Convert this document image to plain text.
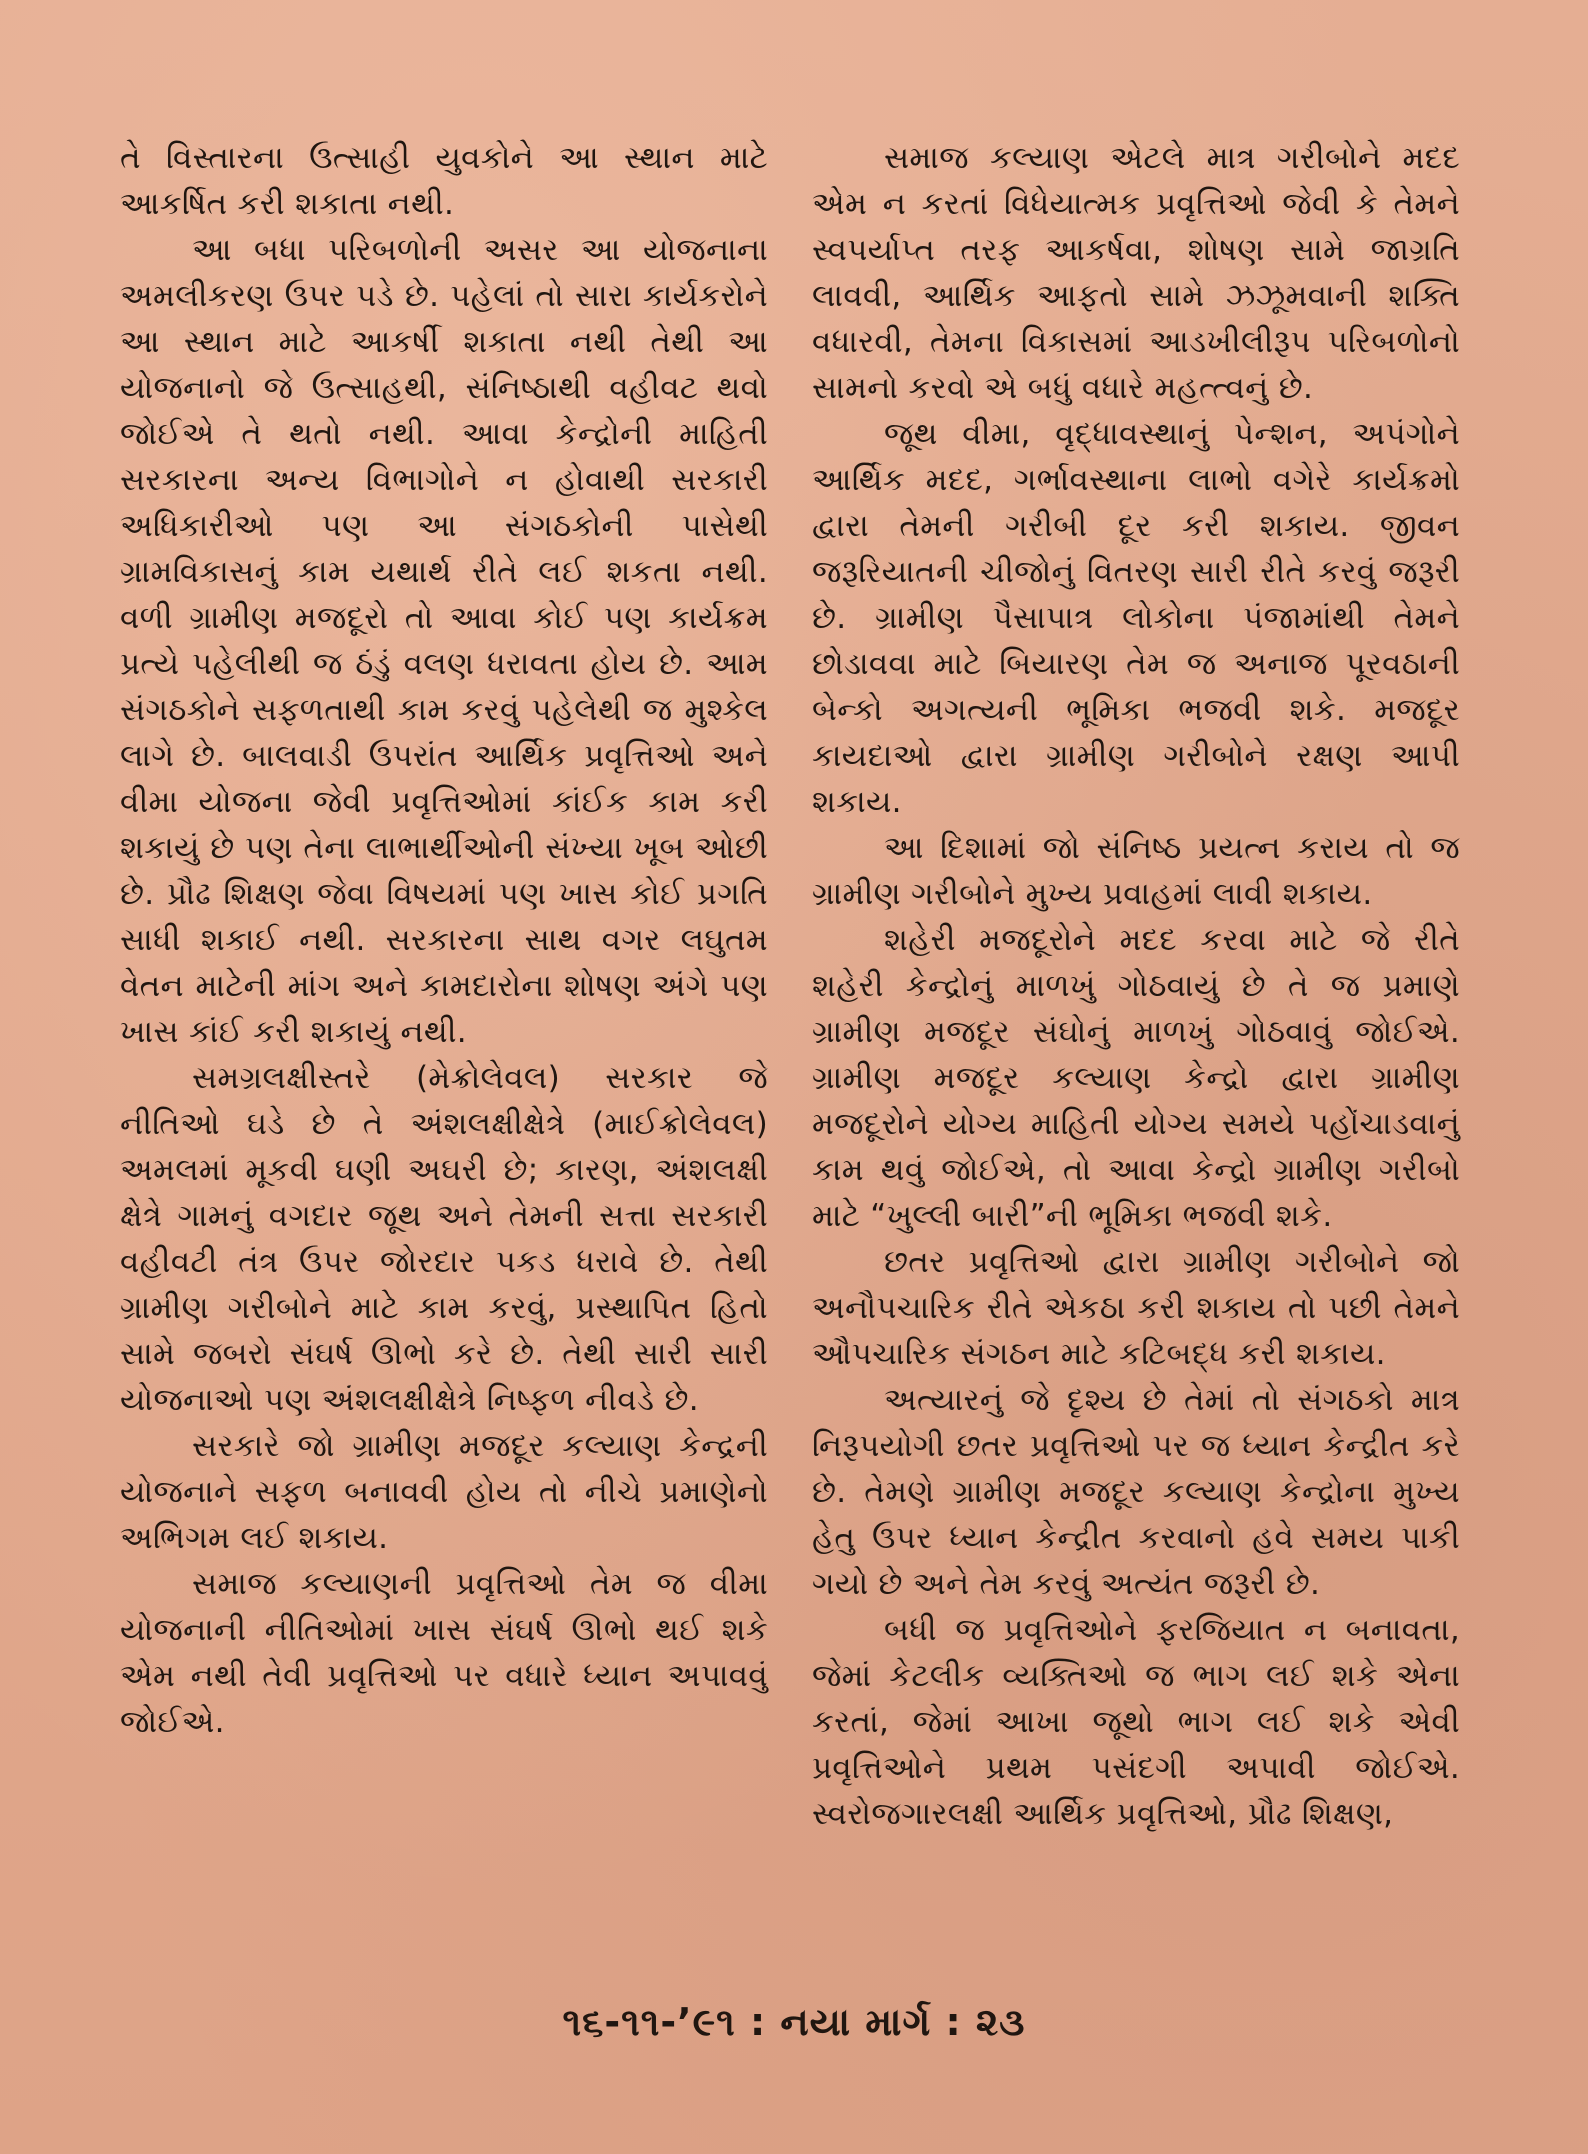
તે વિસ્તારના ઉત્સાહી યુવકોને આ સ્થાન માટે આકર્ષિત કરી શકાતા નથી.

આ બધા પરિબળોની અસર આ યોજનાના અમલીકરણ ઉપર પડે છે. પહેલાં તો સારા કાર્યકરોને આ સ્થાન માટે આકર્ષી શકાતા નથી તેથી આ યોજનાનો જે ઉત્સાહથી, સંનિષ્ઠાથી વહીવટ થવો જોઈએ તે થતો નથી. આવા કેન્દ્રોની માહિતી સરકારના અન્ય વિભાગોને ન હોવાથી સરકારી અધિકારીઓ પણ આ સંગઠકોની પાસેથી ગ્રામવિકાસનું કામ યથાર્થ રીતે લઈ શકતા નથી. વળી ગ્રામીણ મજદૂરો તો આવા કોઈ પણ કાર્યક્રમ પ્રત્યે પહેલીથી જ ઠંડું વલણ ધરાવતા હોય છે. આમ સંગઠકોને સફળતાથી કામ કરવું પહેલેથી જ મુશ્કેલ લાગે છે. બાલવાડી ઉપરાંત આર્થિક પ્રવૃત્તિઓ અને વીમા યોજના જેવી પ્રવૃત્તિઓમાં કાંઈક કામ કરી શકાયું છે પણ તેના લાભાર્થીઓની સંખ્યા ખૂબ ઓછી છે. પ્રૌઢ શિક્ષણ જેવા વિષયમાં પણ ખાસ કોઈ પ્રગતિ સાધી શકાઈ નથી. સરકારના સાથ વગર લઘુતમ વેતન માટેની માંગ અને કામદારોના શોષણ અંગે પણ ખાસ કાંઈ કરી શકાયું નથી.

સમગ્રલક્ષીસ્તરે (મેક્રોલેવલ) સરકાર જે નીતિઓ ઘડે છે તે અંશલક્ષીક્ષેત્રે (માઈક્રોલેવલ) અમલમાં મૂકવી ઘણી અઘરી છે; કારણ, અંશલક્ષી ક્ષેત્રે ગામનું વગદાર જૂથ અને તેમની સત્તા સરકારી વહીવટી તંત્ર ઉપર જોરદાર પકડ ધરાવે છે. તેથી ગ્રામીણ ગરીબોને માટે કામ કરવું, પ્રસ્થાપિત હિતો સામે જબરો સંઘર્ષ ઊભો કરે છે. તેથી સારી સારી યોજનાઓ પણ અંશલક્ષીક્ષેત્રે નિષ્ફળ નીવડે છે.

સરકારે જો ગ્રામીણ મજદૂર કલ્યાણ કેન્દ્રની યોજનાને સફળ બનાવવી હોય તો નીચે પ્રમાણેનો અભિગમ લઈ શકાય.

સમાજ કલ્યાણની પ્રવૃત્તિઓ તેમ જ વીમા યોજનાની નીતિઓમાં ખાસ સંઘર્ષ ઊભો થઈ શકે એમ નથી તેવી પ્રવૃત્તિઓ પર વધારે ધ્યાન અપાવવું જોઈએ.

સમાજ કલ્યાણ એટલે માત્ર ગરીબોને મદદ એમ ન કરતાં વિધેયાત્મક પ્રવૃત્તિઓ જેવી કે તેમને સ્વપર્યાપ્ત તરફ આકર્ષવા, શોષણ સામે જાગ્રતિ લાવવી, આર્થિક આફતો સામે ઝઝૂમવાની શક્તિ વધારવી, તેમના વિકાસમાં આડખીલીરૂપ પરિબળોનો સામનો કરવો એ બધું વધારે મહત્ત્વનું છે.

જૂથ વીમા, વૃદ્ધાવસ્થાનું પેન્શન, અપંગોને આર્થિક મદદ, ગર્ભાવસ્થાના લાભો વગેરે કાર્યક્રમો દ્વારા તેમની ગરીબી દૂર કરી શકાય. જીવન જરૂરિયાતની ચીજોનું વિતરણ સારી રીતે કરવું જરૂરી છે. ગ્રામીણ પૈસાપાત્ર લોકોના પંજામાંથી તેમને છોડાવવા માટે બિયારણ તેમ જ અનાજ પૂરવઠાની બેન્કો અગત્યની ભૂમિકા ભજવી શકે. મજદૂર કાયદાઓ દ્વારા ગ્રામીણ ગરીબોને રક્ષણ આપી શકાય.

આ દિશામાં જો સંનિષ્ઠ પ્રયત્ન કરાય તો જ ગ્રામીણ ગરીબોને મુખ્ય પ્રવાહમાં લાવી શકાય.

શહેરી મજદૂરોને મદદ કરવા માટે જે રીતે શહેરી કેન્દ્રોનું માળખું ગોઠવાયું છે તે જ પ્રમાણે ગ્રામીણ મજદૂર સંઘોનું માળખું ગોઠવાવું જોઈએ. ગ્રામીણ મજદૂર કલ્યાણ કેન્દ્રો દ્વારા ગ્રામીણ મજદૂરોને યોગ્ય માહિતી યોગ્ય સમયે પહોંચાડવાનું કામ થવું જોઈએ, તો આવા કેન્દ્રો ગ્રામીણ ગરીબો માટે “ખુલ્લી બારી”ની ભૂમિકા ભજવી શકે.

છતર પ્રવૃત્તિઓ દ્વારા ગ્રામીણ ગરીબોને જો અનૌપચારિક રીતે એકઠા કરી શકાય તો પછી તેમને ઔપચારિક સંગઠન માટે કટિબદ્ધ કરી શકાય.

અત્યારનું જે દૃશ્ય છે તેમાં તો સંગઠકો માત્ર નિરૂપયોગી છતર પ્રવૃત્તિઓ પર જ ધ્યાન કેન્દ્રીત કરે છે. તેમણે ગ્રામીણ મજદૂર કલ્યાણ કેન્દ્રોના મુખ્ય હેતુ ઉપર ધ્યાન કેન્દ્રીત કરવાનો હવે સમય પાકી ગયો છે અને તેમ કરવું અત્યંત જરૂરી છે.

બધી જ પ્રવૃત્તિઓને ફરજિયાત ન બનાવતા, જેમાં કેટલીક વ્યક્તિઓ જ ભાગ લઈ શકે એના કરતાં, જેમાં આખા જૂથો ભાગ લઈ શકે એવી પ્રવૃત્તિઓને પ્રથમ પસંદગી અપાવી જોઈએ. સ્વરોજગારલક્ષી આર્થિક પ્રવૃત્તિઓ, પ્રૌઢ શિક્ષણ,

૧૬-૧૧-’૯૧ : નયા માર્ગ : ૨૩
